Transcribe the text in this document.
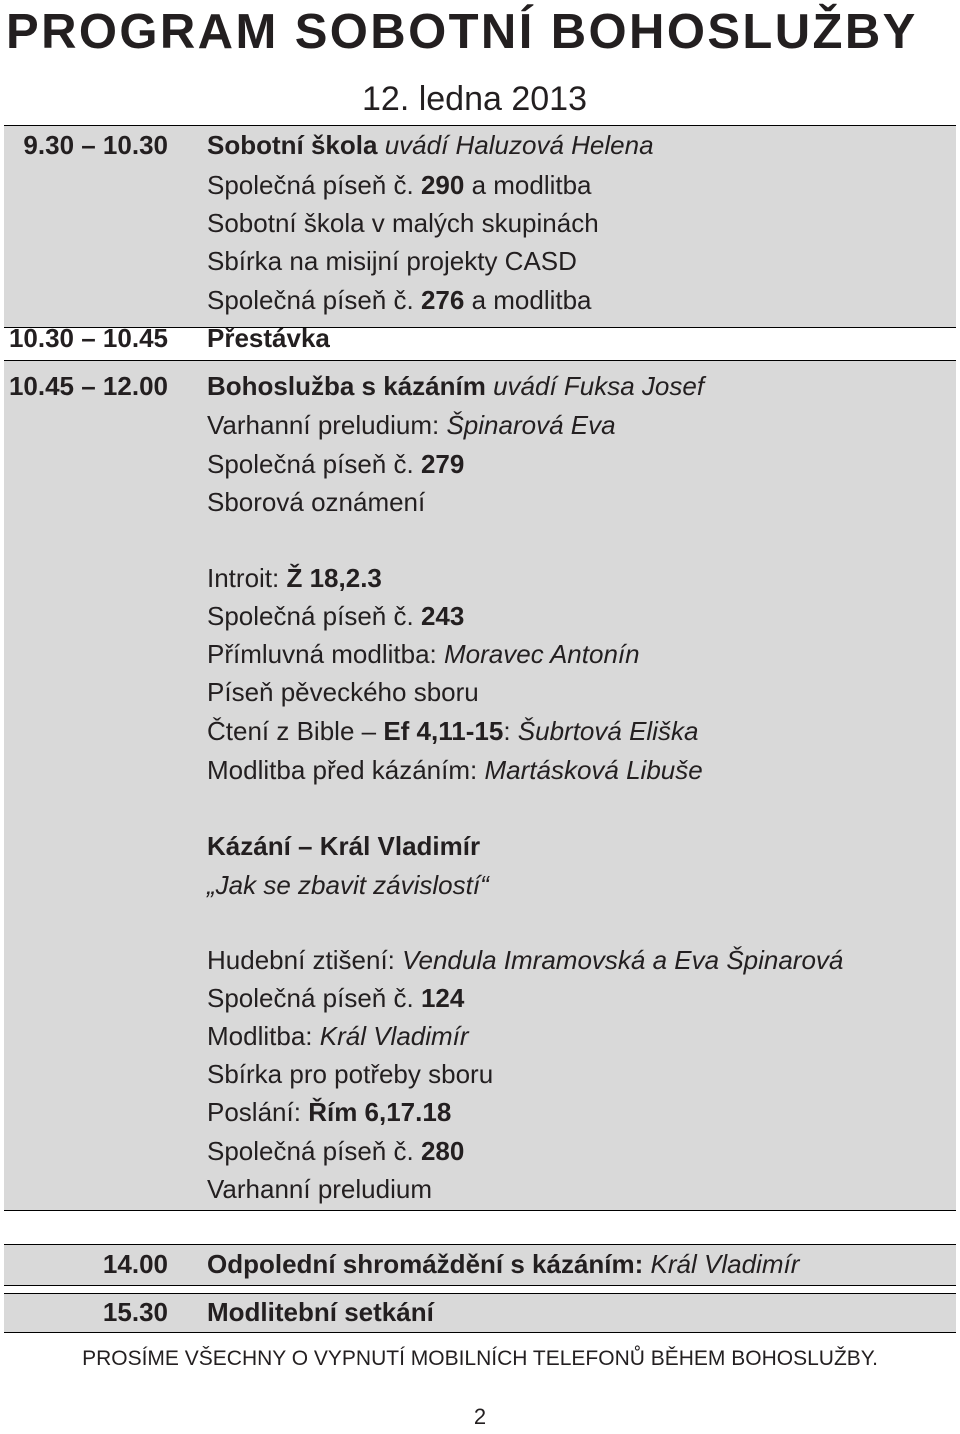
PROGRAM SOBOTNÍ BOHOSLUŽBY
12. ledna 2013
9.30 – 10.30 Sobotní škola uvádí Haluzová Helena
Společná píseň č. 290 a modlitba
Sobotní škola v malých skupinách
Sbírka na misijní projekty CASD
Společná píseň č. 276 a modlitba
10.30 – 10.45 Přestávka
10.45 – 12.00 Bohoslužba s kázáním uvádí Fuksa Josef
Varhanní preludium: Špinarová Eva
Společná píseň č. 279
Sborová oznámení
Introit: Ž 18,2.3
Společná píseň č. 243
Přímluvná modlitba: Moravec Antonín
Píseň pěveckého sboru
Čtení z Bible – Ef 4,11-15: Šubrtová Eliška
Modlitba před kázáním: Martásková Libuše
Kázání – Král Vladimír
„Jak se zbavit závislostí“
Hudební ztišení: Vendula Imramovská a Eva Špinarová
Společná píseň č. 124
Modlitba: Král Vladimír
Sbírka pro potřeby sboru
Poslání: Řím 6,17.18
Společná píseň č. 280
Varhanní preludium
14.00 Odpolední shromáždění s kázáním: Král Vladimír
15.30 Modlitební setkání
PROSÍME VŠECHNY O VYPNUTÍ MOBILNÍCH TELEFONŮ BĚHEM BOHOSLUŽBY.
2
